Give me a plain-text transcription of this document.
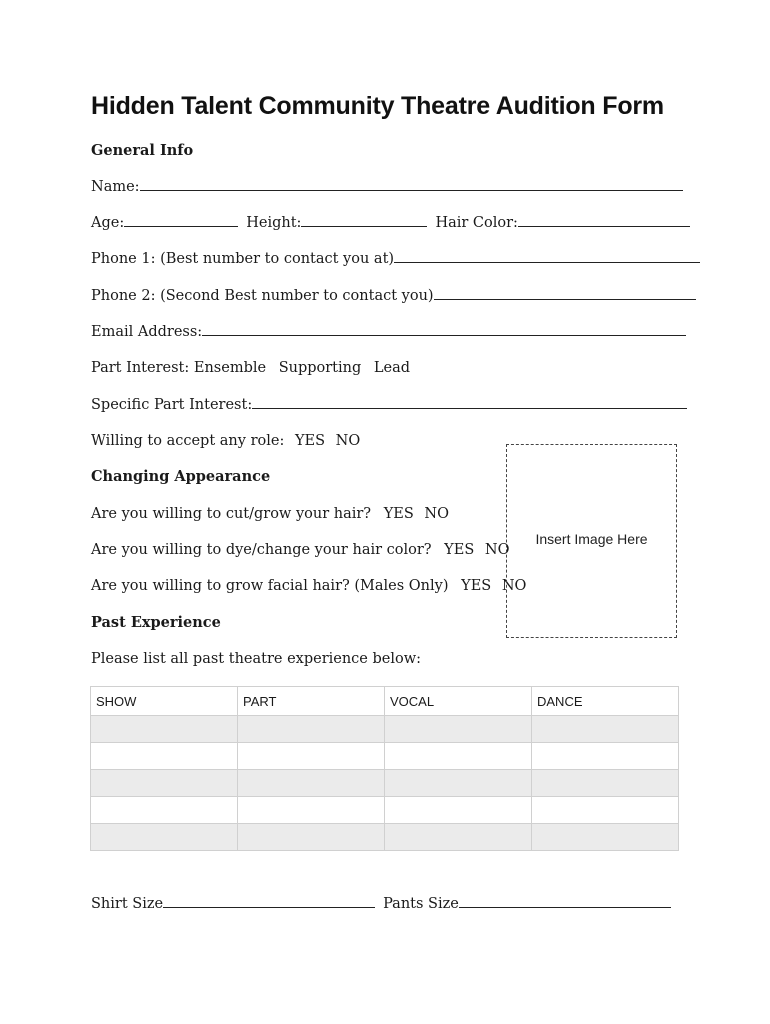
Hidden Talent Community Theatre Audition Form
General Info
Name:
Age:	Height:	Hair Color:
Phone 1: (Best number to contact you at)
Phone 2: (Second Best number to contact you)
Email Address:
Part Interest: Ensemble Supporting Lead
Specific Part Interest:
Willing to accept any role: YES NO
Changing Appearance
Are you willing to cut/grow your hair? YES NO
Are you willing to dye/change your hair color? YES NO
Are you willing to grow facial hair? (Males Only) YES NO
Insert Image Here
Past Experience
Please list all past theatre experience below:
SHOW	PART	VOCAL	DANCE

Shirt Size	Pants Size
